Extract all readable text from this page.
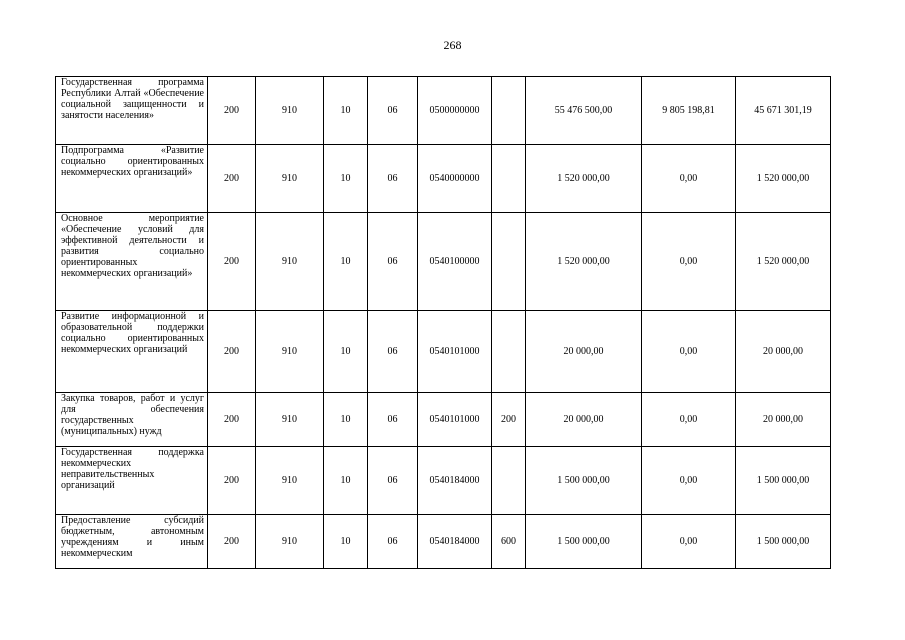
268
Государственная программа Республики Алтай «Обеспечение социальной защищенности и занятости населения»	200	910	10	06	0500000000		55 476 500,00	9 805 198,81	45 671 301,19
Подпрограмма «Развитие социально ориентированных некоммерческих организаций»	200	910	10	06	0540000000		1 520 000,00	0,00	1 520 000,00
Основное мероприятие «Обеспечение условий для эффективной деятельности и развития социально ориентированных некоммерческих организаций»	200	910	10	06	0540100000		1 520 000,00	0,00	1 520 000,00
Развитие информационной и образовательной поддержки социально ориентированных некоммерческих организаций	200	910	10	06	0540101000		20 000,00	0,00	20 000,00
Закупка товаров, работ и услуг для обеспечения государственных (муниципальных) нужд	200	910	10	06	0540101000	200	20 000,00	0,00	20 000,00
Государственная поддержка некоммерческих неправительственных организаций	200	910	10	06	0540184000		1 500 000,00	0,00	1 500 000,00
Предоставление субсидий бюджетным, автономным учреждениям и иным некоммерческим	200	910	10	06	0540184000	600	1 500 000,00	0,00	1 500 000,00
